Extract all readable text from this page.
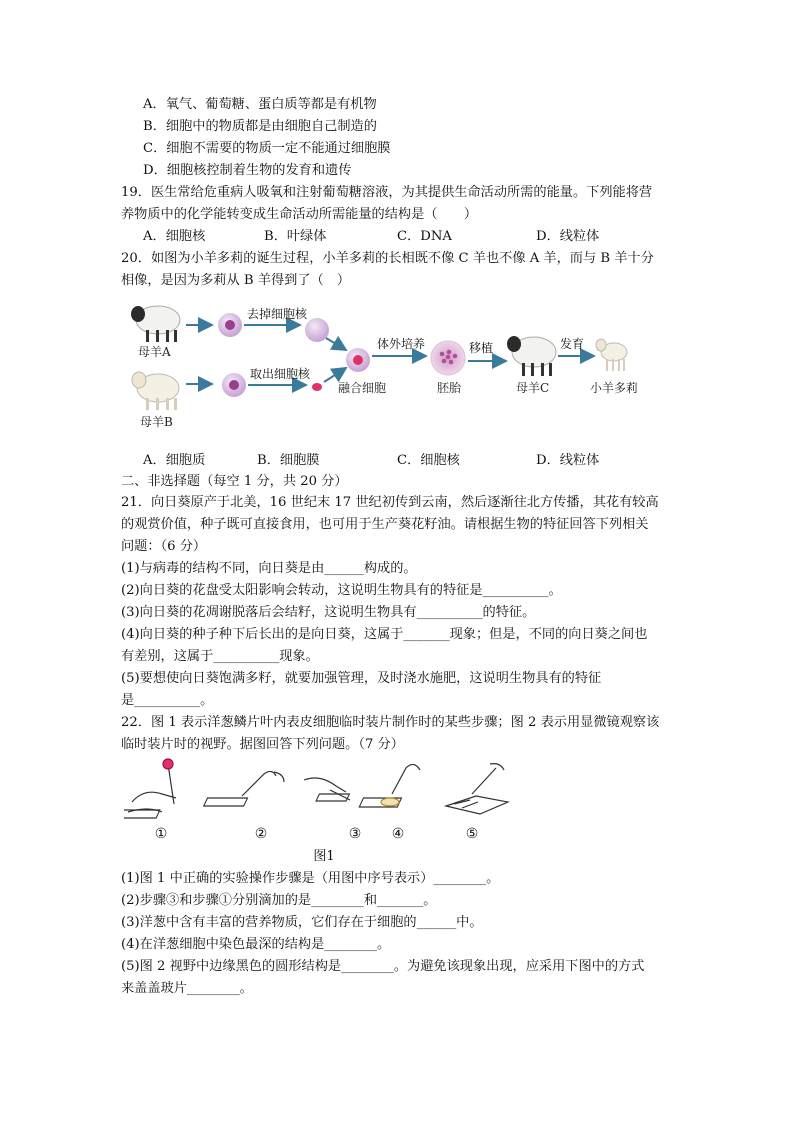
A．氧气、葡萄糖、蛋白质等都是有机物
B．细胞中的物质都是由细胞自己制造的
C．细胞不需要的物质一定不能通过细胞膜
D．细胞核控制着生物的发育和遗传
19．医生常给危重病人吸氧和注射葡萄糖溶液，为其提供生命活动所需的能量。下列能将营
养物质中的化学能转变成生命活动所需能量的结构是（　　）
A．细胞核	B．叶绿体	C．DNA	D．线粒体
20．如图为小羊多莉的诞生过程，小羊多莉的长相既不像 C 羊也不像 A 羊，而与 B 羊十分
相像，是因为多莉从 B 羊得到了（　）
母羊A
母羊B
去掉细胞核
取出细胞核
融合细胞
体外培养
胚胎
移植
母羊C
发育
小羊多莉
A．细胞质	B．细胞膜	C．细胞核	D．线粒体
二、非选择题（每空 1 分，共 20 分）
21．向日葵原产于北美，16 世纪末 17 世纪初传到云南，然后逐渐往北方传播，其花有较高
的观赏价值，种子既可直接食用，也可用于生产葵花籽油。请根据生物的特征回答下列相关
问题：（6 分）
(1)与病毒的结构不同，向日葵是由______构成的。
(2)向日葵的花盘受太阳影响会转动，这说明生物具有的特征是__________。
(3)向日葵的花凋谢脱落后会结籽，这说明生物具有__________的特征。
(4)向日葵的种子种下后长出的是向日葵，这属于_______现象；但是，不同的向日葵之间也
有差别，这属于__________现象。
(5)要想使向日葵饱满多籽，就要加强管理，及时浇水施肥，这说明生物具有的特征
是__________。
22．图 1 表示洋葱鳞片叶内表皮细胞临时装片制作时的某些步骤；图 2 表示用显微镜观察该
临时装片时的视野。据图回答下列问题。（7 分）
①	②	③ ④	⑤
图1
(1)图 1 中正确的实验操作步骤是（用图中序号表示）________。
(2)步骤③和步骤①分别滴加的是________和_______。
(3)洋葱中含有丰富的营养物质，它们存在于细胞的______中。
(4)在洋葱细胞中染色最深的结构是________。
(5)图 2 视野中边缘黑色的圆形结构是________。为避免该现象出现，应采用下图中的方式
来盖盖玻片________。
